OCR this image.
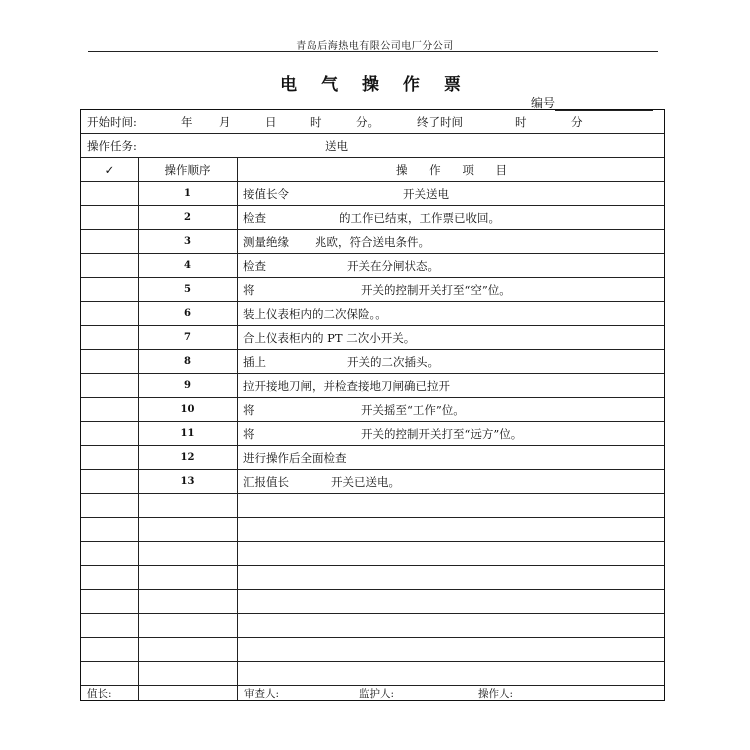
青岛后海热电有限公司电厂分公司
电 气 操 作 票
编号
开始时间:	年 月	日	时	分。	终了时间	时	分
操作任务:	送电
✓	操作顺序	操 作 项 目
1	接值长令	开关送电
2	检查	的工作已结束，工作票已收回。
3	测量绝缘 兆欧，符合送电条件。
4	检查	开关在分闸状态。
5	将	开关的控制开关打至“空”位。
6	装上仪表柜内的二次保险。。
7	合上仪表柜内的 PT 二次小开关。
8	插上	开关的二次插头。
9	拉开接地刀闸，并检查接地刀闸确已拉开
10	将	开关摇至“工作”位。
11	将	开关的控制开关打至“远方”位。
12	进行操作后全面检查
13	汇报值长	开关已送电。
值长:	审查人:	监护人:	操作人:
